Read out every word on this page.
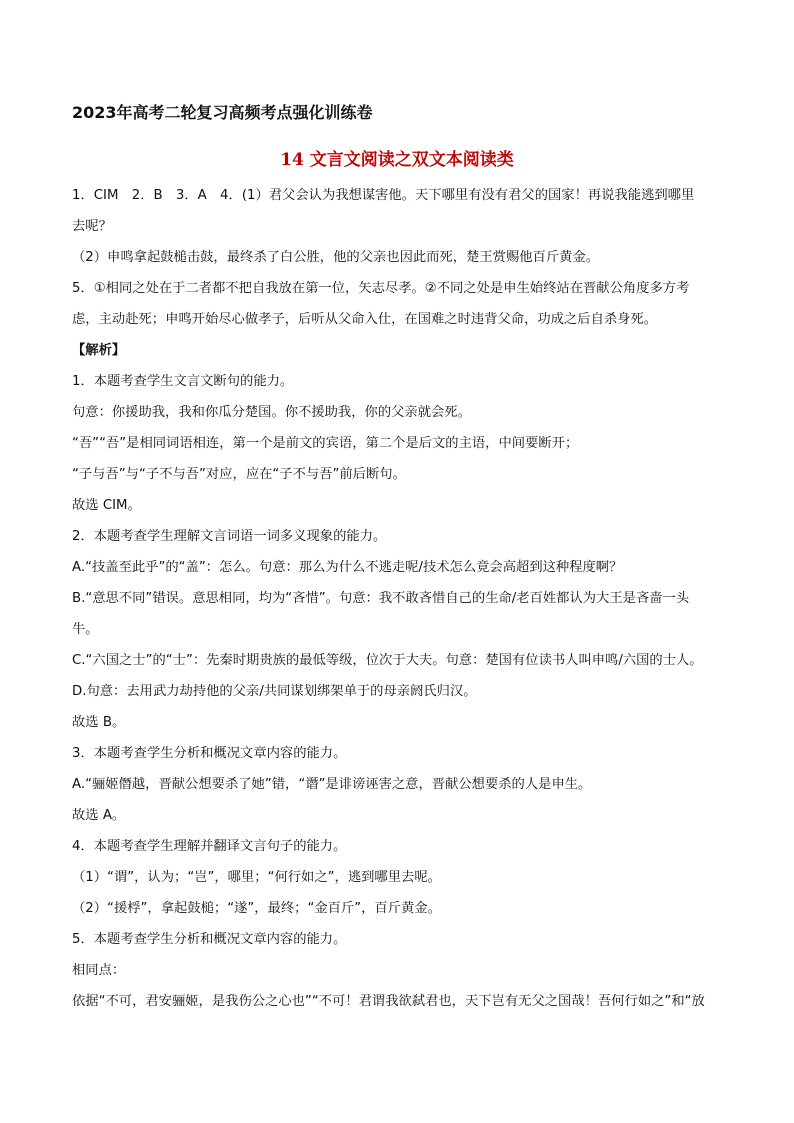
2023年高考二轮复习高频考点强化训练卷
14 文言文阅读之双文本阅读类
1．CIM　2．B　3．A　4．(1）君父会认为我想谋害他。天下哪里有没有君父的国家！再说我能逃到哪里
去呢？
（2）申鸣拿起鼓槌击鼓，最终杀了白公胜，他的父亲也因此而死，楚王赏赐他百斤黄金。
5．①相同之处在于二者都不把自我放在第一位，矢志尽孝。②不同之处是申生始终站在晋献公角度多方考
虑，主动赴死；申鸣开始尽心做孝子，后听从父命入仕，在国难之时违背父命，功成之后自杀身死。
【解析】
1．本题考查学生文言文断句的能力。
句意：你援助我，我和你瓜分楚国。你不援助我，你的父亲就会死。
“吾”“吾”是相同词语相连，第一个是前文的宾语，第二个是后文的主语，中间要断开；
“子与吾”与“子不与吾”对应，应在“子不与吾”前后断句。
故选 CIM。
2．本题考查学生理解文言词语一词多义现象的能力。
A.“技盖至此乎”的“盖”：怎么。句意：那么为什么不逃走呢/技术怎么竟会高超到这种程度啊？
B.“意思不同”错误。意思相同，均为“吝惜”。句意：我不敢吝惜自己的生命/老百姓都认为大王是吝啬一头
牛。
C.“六国之士”的“士”：先秦时期贵族的最低等级，位次于大夫。句意：楚国有位读书人叫申鸣/六国的士人。
D.句意：去用武力劫持他的父亲/共同谋划绑架单于的母亲阏氏归汉。
故选 B。
3．本题考查学生分析和概况文章内容的能力。
A.“骊姬僭越，晋献公想要杀了她”错，“谮”是诽谤诬害之意，晋献公想要杀的人是申生。
故选 A。
4．本题考查学生理解并翻译文言句子的能力。
（1）“谓”，认为；“岂”，哪里；“何行如之”，逃到哪里去呢。
（2）“援桴”，拿起鼓槌；“遂”，最终；“金百斤”，百斤黄金。
5．本题考查学生分析和概况文章内容的能力。
相同点：
依据“不可，君安骊姬，是我伤公之心也”“不可！君谓我欲弑君也，天下岂有无父之国哉！吾何行如之”和“放
